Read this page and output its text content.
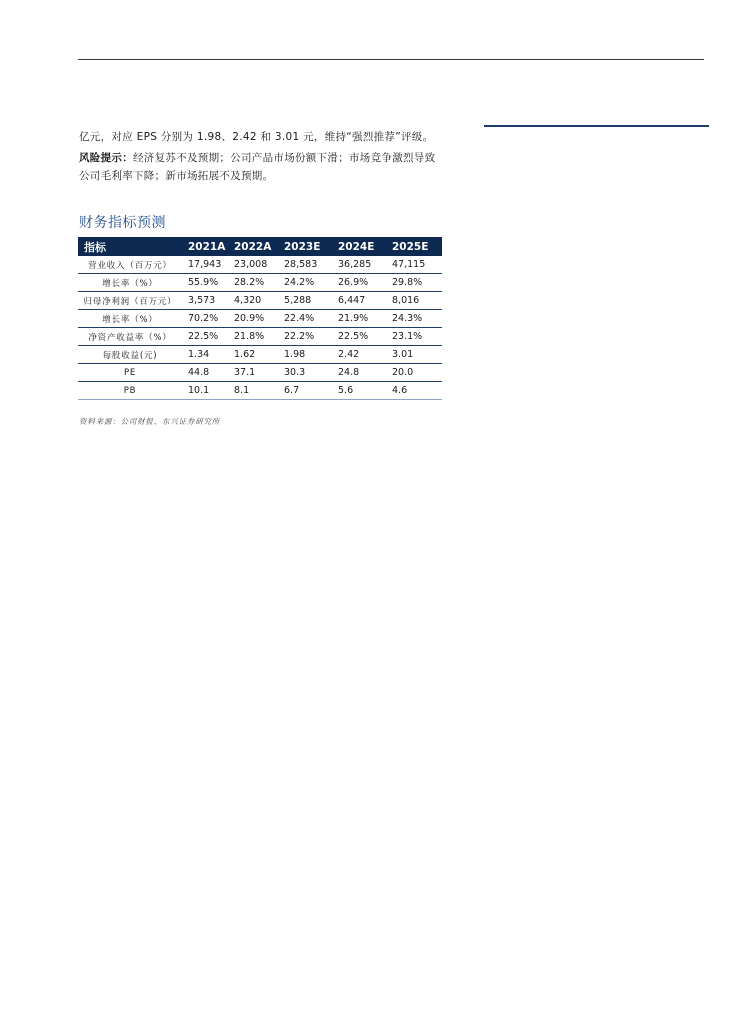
亿元，对应 EPS 分别为 1.98、2.42 和 3.01 元，维持“强烈推荐”评级。
风险提示：经济复苏不及预期；公司产品市场份额下滑；市场竞争激烈导致
公司毛利率下降；新市场拓展不及预期。
财务指标预测
指标	2021A	2022A	2023E	2024E	2025E
营业收入（百万元）	17,943	23,008	28,583	36,285	47,115
增长率（%）	55.9%	28.2%	24.2%	26.9%	29.8%
归母净利润（百万元）	3,573	4,320	5,288	6,447	8,016
增长率（%）	70.2%	20.9%	22.4%	21.9%	24.3%
净资产收益率（%）	22.5%	21.8%	22.2%	22.5%	23.1%
每股收益(元)	1.34	1.62	1.98	2.42	3.01
PE	44.8	37.1	30.3	24.8	20.0
PB	10.1	8.1	6.7	5.6	4.6
资料来源：公司财报、东兴证券研究所
